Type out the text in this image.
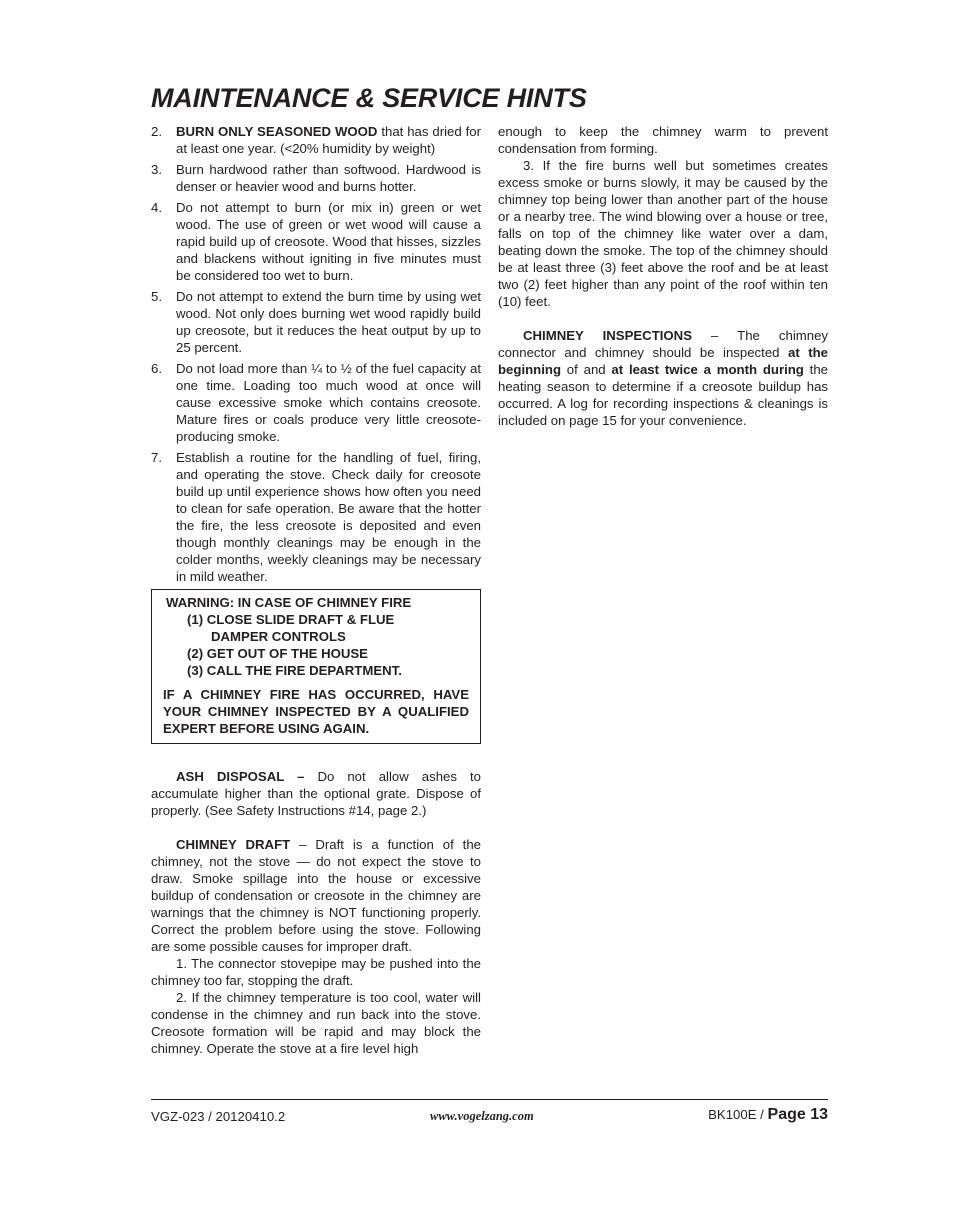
MAINTENANCE & SERVICE HINTS
2. BURN ONLY SEASONED WOOD that has dried for at least one year. (<20% humidity by weight)
3. Burn hardwood rather than softwood. Hardwood is denser or heavier wood and burns hotter.
4. Do not attempt to burn (or mix in) green or wet wood. The use of green or wet wood will cause a rapid build up of creosote. Wood that hisses, sizzles and blackens without igniting in five minutes must be considered too wet to burn.
5. Do not attempt to extend the burn time by using wet wood. Not only does burning wet wood rapidly build up creosote, but it reduces the heat output by up to 25 percent.
6. Do not load more than ¼ to ½ of the fuel capacity at one time. Loading too much wood at once will cause excessive smoke which contains creosote. Mature fires or coals produce very little creosote-producing smoke.
7. Establish a routine for the handling of fuel, firing, and operating the stove. Check daily for creosote build up until experience shows how often you need to clean for safe operation. Be aware that the hotter the fire, the less creosote is deposited and even though monthly cleanings may be enough in the colder months, weekly cleanings may be necessary in mild weather.
WARNING: IN CASE OF CHIMNEY FIRE
(1) CLOSE SLIDE DRAFT & FLUE
DAMPER CONTROLS
(2) GET OUT OF THE HOUSE
(3) CALL THE FIRE DEPARTMENT.
IF A CHIMNEY FIRE HAS OCCURRED, HAVE YOUR CHIMNEY INSPECTED BY A QUALIFIED EXPERT BEFORE USING AGAIN.

ASH DISPOSAL – Do not allow ashes to accumulate higher than the optional grate. Dispose of properly. (See Safety Instructions #14, page 2.)

CHIMNEY DRAFT – Draft is a function of the chimney, not the stove — do not expect the stove to draw. Smoke spillage into the house or excessive buildup of condensation or creosote in the chimney are warnings that the chimney is NOT functioning properly. Correct the problem before using the stove. Following are some possible causes for improper draft.

1. The connector stovepipe may be pushed into the chimney too far, stopping the draft.

2. If the chimney temperature is too cool, water will condense in the chimney and run back into the stove. Creosote formation will be rapid and may block the chimney. Operate the stove at a fire level high

enough to keep the chimney warm to prevent condensation from forming.

3. If the fire burns well but sometimes creates excess smoke or burns slowly, it may be caused by the chimney top being lower than another part of the house or a nearby tree. The wind blowing over a house or tree, falls on top of the chimney like water over a dam, beating down the smoke. The top of the chimney should be at least three (3) feet above the roof and be at least two (2) feet higher than any point of the roof within ten (10) feet.

CHIMNEY INSPECTIONS – The chimney connector and chimney should be inspected at the beginning of and at least twice a month during the heating season to determine if a creosote buildup has occurred. A log for recording inspections & cleanings is included on page 15 for your convenience.

VGZ-023 / 20120410.2	www.vogelzang.com	BK100E / Page 13
